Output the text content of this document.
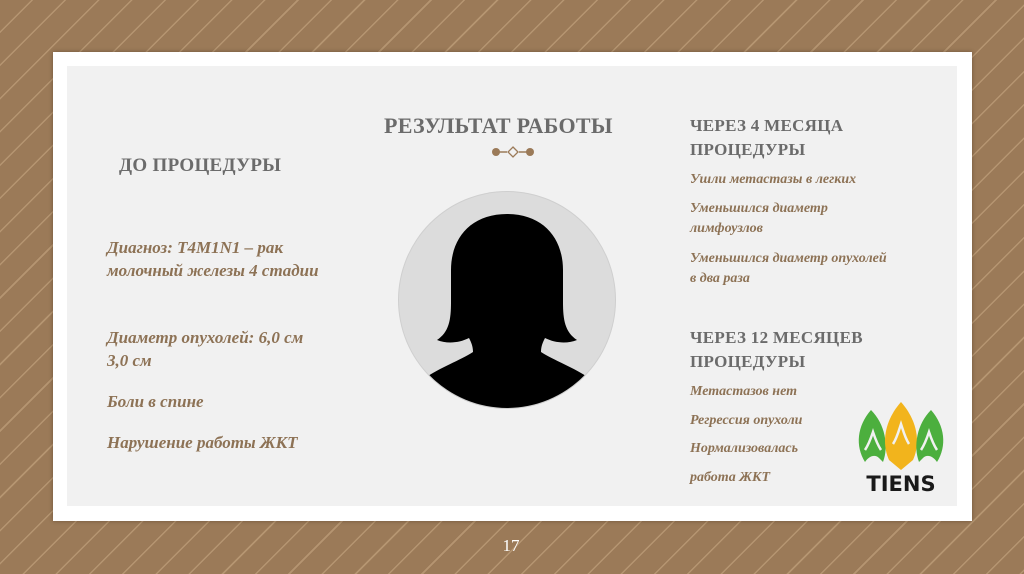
ДО ПРОЦЕДУРЫ
Диагноз: Т4М1N1 – рак молочный железы 4 стадии
Диаметр опухолей: 6,0 см 3,0 см
Боли в спине
Нарушение работы ЖКТ
РЕЗУЛЬТАТ РАБОТЫ	ЧЕРЕЗ 4 МЕСЯЦА ПРОЦЕДУРЫ
Ушли метастазы в легких
Уменьшился диаметр лимфоузлов
Уменьшился диаметр опухолей в два раза
ЧЕРЕЗ 12 МЕСЯЦЕВ ПРОЦЕДУРЫ
Метастазов нет
Регрессия опухоли
Нормализовалась
работа ЖКТ	TIENS
17
